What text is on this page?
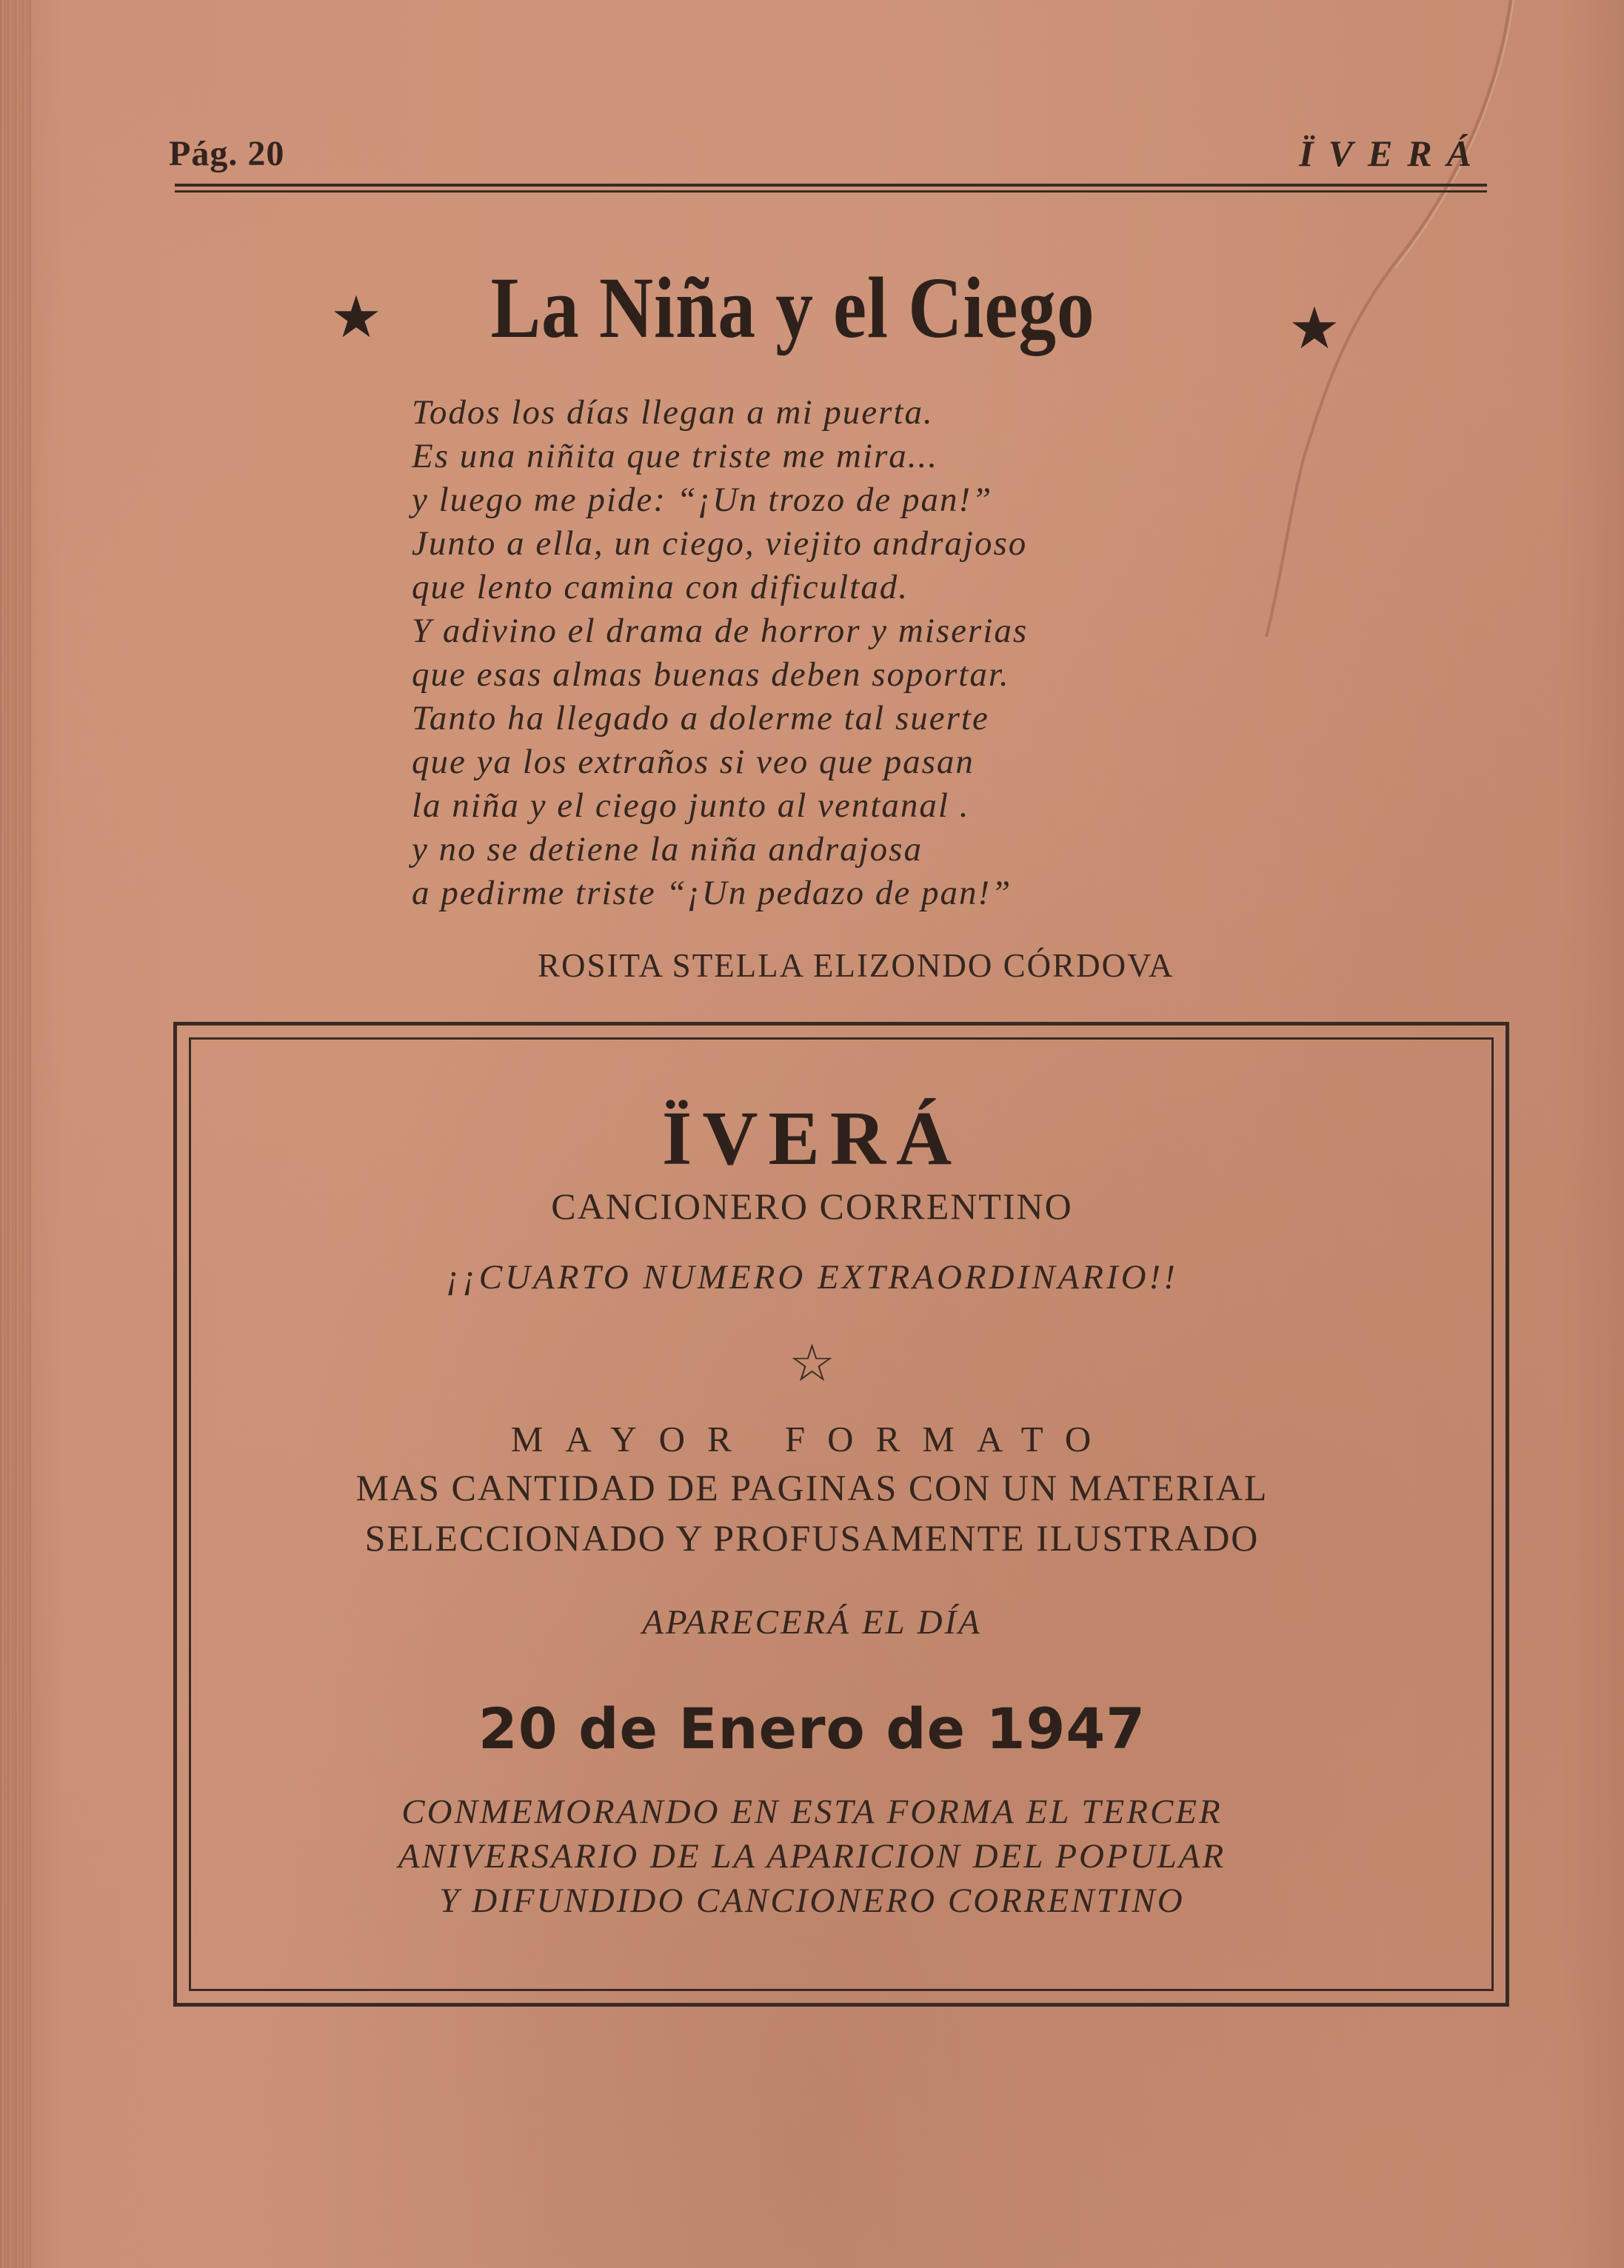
Pág. 20	ÏVERÁ
★	La Niña y el Ciego	★
Todos los días llegan a mi puerta.
Es una niñita que triste me mira...
y luego me pide: “¡Un trozo de pan!”
Junto a ella, un ciego, viejito andrajoso
que lento camina con dificultad.
Y adivino el drama de horror y miserias
que esas almas buenas deben soportar.
Tanto ha llegado a dolerme tal suerte
que ya los extraños si veo que pasan
la niña y el ciego junto al ventanal .
y no se detiene la niña andrajosa
a pedirme triste “¡Un pedazo de pan!”
ROSITA STELLA ELIZONDO CÓRDOVA
ÏVERÁ
CANCIONERO CORRENTINO
¡¡CUARTO NUMERO EXTRAORDINARIO!!
☆
MAYOR FORMATO
MAS CANTIDAD DE PAGINAS CON UN MATERIAL
SELECCIONADO Y PROFUSAMENTE ILUSTRADO
APARECERÁ EL DÍA
20 de Enero de 1947
CONMEMORANDO EN ESTA FORMA EL TERCER
ANIVERSARIO DE LA APARICION DEL POPULAR
Y DIFUNDIDO CANCIONERO CORRENTINO
